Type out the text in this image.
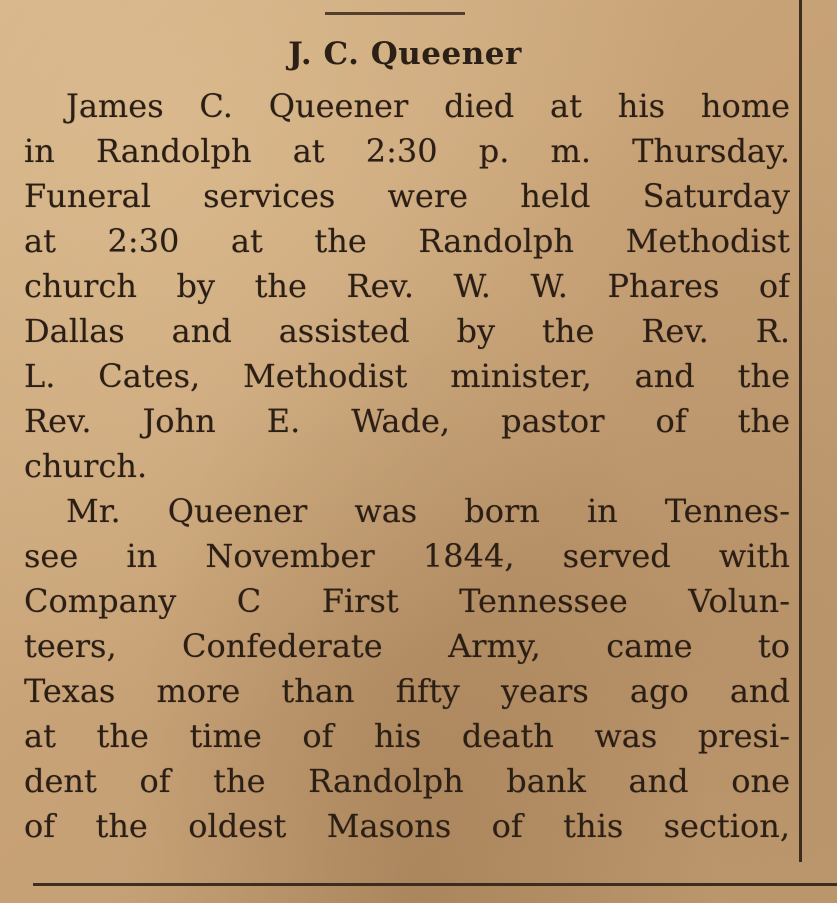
J. C. Queener
James C. Queener died at his home
in Randolph at 2:30 p. m. Thursday.
Funeral services were held Saturday
at 2:30 at the Randolph Methodist
church by the Rev. W. W. Phares of
Dallas and assisted by the Rev. R.
L. Cates, Methodist minister, and the
Rev. John E. Wade, pastor of the
church.
Mr. Queener was born in Tennes-
see in November 1844, served with
Company C First Tennessee Volun-
teers, Confederate Army, came to
Texas more than fifty years ago and
at the time of his death was presi-
dent of the Randolph bank and one
of the oldest Masons of this section,
